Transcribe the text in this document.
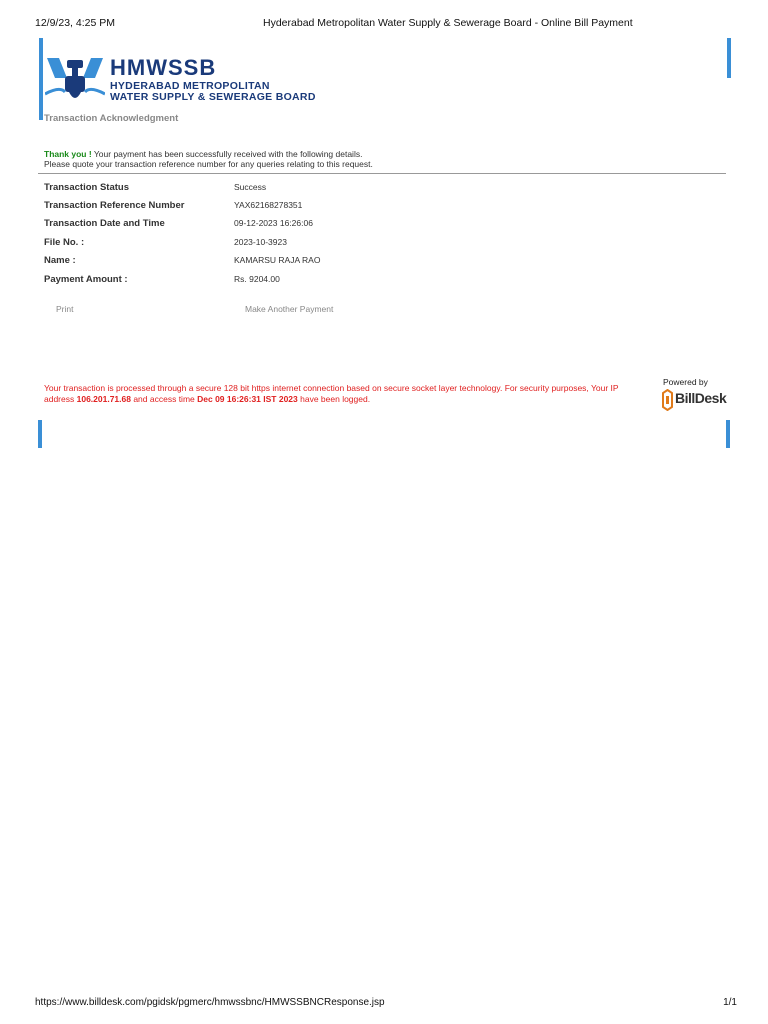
12/9/23, 4:25 PM	Hyderabad Metropolitan Water Supply & Sewerage Board - Online Bill Payment
HMWSSB
HYDERABAD METROPOLITAN
WATER SUPPLY & SEWERAGE BOARD
Transaction Acknowledgment
Thank you ! Your payment has been successfully received with the following details.
Please quote your transaction reference number for any queries relating to this request.
Transaction Status	Success
Transaction Reference Number	YAX62168278351
Transaction Date and Time	09-12-2023 16:26:06
File No. :	2023-10-3923
Name :	KAMARSU RAJA RAO
Payment Amount :	Rs. 9204.00
Print	Make Another Payment
Your transaction is processed through a secure 128 bit https internet connection based on secure socket layer technology. For security purposes, Your IP address 106.201.71.68 and access time Dec 09 16:26:31 IST 2023 have been logged.
Powered by
BillDesk
https://www.billdesk.com/pgidsk/pgmerc/hmwssbnc/HMWSSBNCResponse.jsp	1/1
